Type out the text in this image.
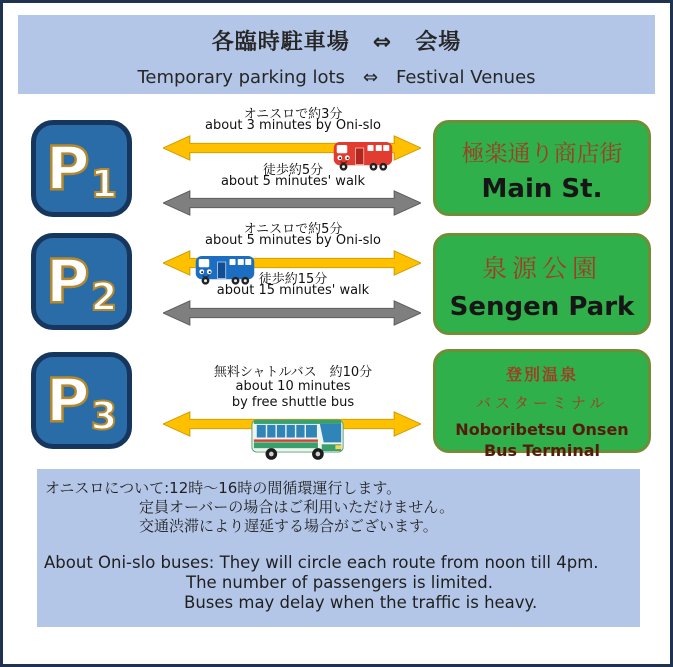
各臨時駐車場　⇔　会場
Temporary parking lots　⇔　Festival Venues
P 1
オニスロで約3分
about 3 minutes by Oni-slo
徒歩約5分
about 5 minutes' walk
極楽通り商店街
Main St.
P 2
オニスロで約5分
about 5 minutes by Oni-slo
徒歩約15分
about 15 minutes' walk
泉源公園
Sengen Park
P 3
無料シャトルバス　約10分
about 10 minutes
by free shuttle bus
登別温泉
バスターミナル
Noboribetsu Onsen
Bus Terminal
オニスロについて:12時～16時の間循環運行します。
定員オーバーの場合はご利用いただけません。
交通渋滞により遅延する場合がございます。
About Oni-slo buses: They will circle each route from noon till 4pm.
The number of passengers is limited.
Buses may delay when the traffic is heavy.
